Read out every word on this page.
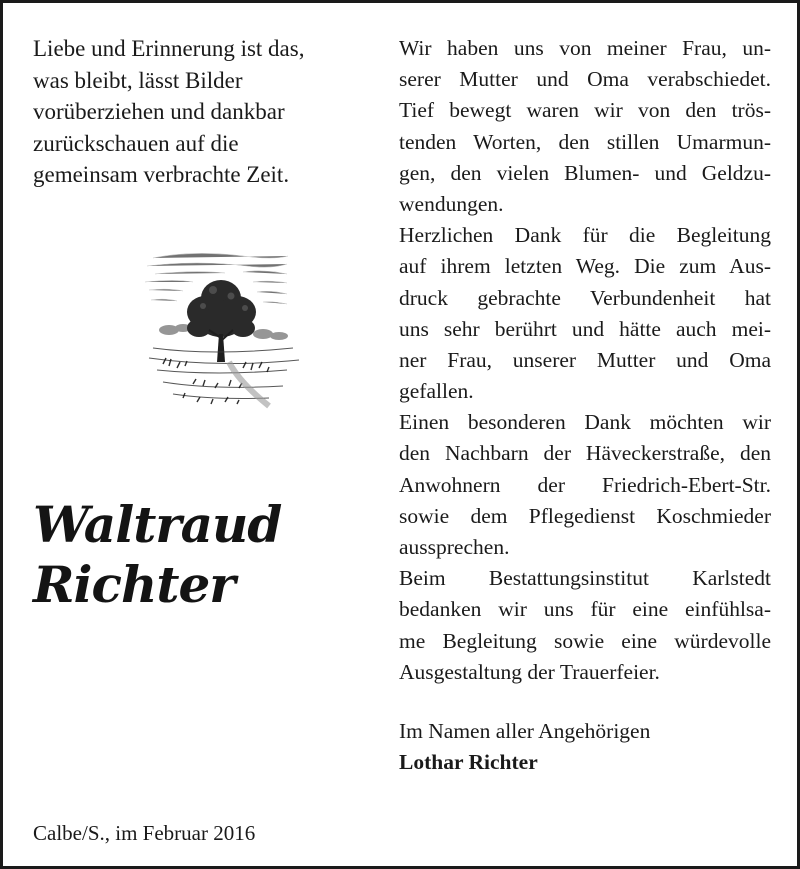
Liebe und Erinnerung ist das,
was bleibt, lässt Bilder
vorüberziehen und dankbar
zurückschauen auf die
gemeinsam verbrachte Zeit.
Waltraud
Richter
Calbe/S., im Februar 2016
Wir haben uns von meiner Frau, un-
serer Mutter und Oma verabschiedet.
Tief bewegt waren wir von den trös-
tenden Worten, den stillen Umarmun-
gen, den vielen Blumen- und Geldzu-
wendungen.
Herzlichen Dank für die Begleitung
auf ihrem letzten Weg. Die zum Aus-
druck gebrachte Verbundenheit hat
uns sehr berührt und hätte auch mei-
ner Frau, unserer Mutter und Oma
gefallen.
Einen besonderen Dank möchten wir
den Nachbarn der Häveckerstraße, den
Anwohnern der Friedrich-Ebert-Str.
sowie dem Pflegedienst Koschmieder
aussprechen.
Beim Bestattungsinstitut Karlstedt
bedanken wir uns für eine einfühlsa-
me Begleitung sowie eine würdevolle
Ausgestaltung der Trauerfeier.
Im Namen aller Angehörigen
Lothar Richter
